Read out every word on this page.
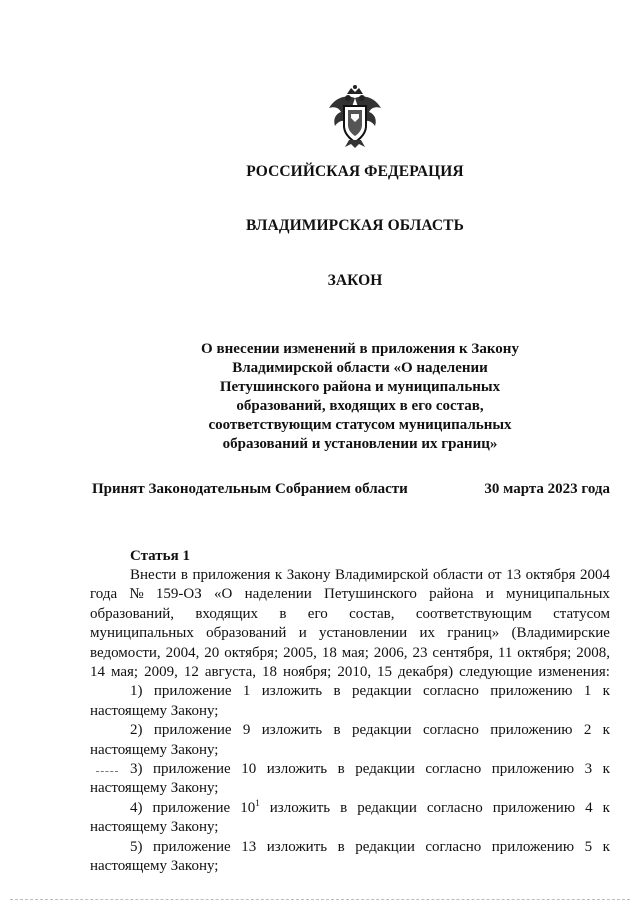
РОССИЙСКАЯ ФЕДЕРАЦИЯ
ВЛАДИМИРСКАЯ ОБЛАСТЬ
ЗАКОН
О внесении изменений в приложения к Закону
Владимирской области «О наделении
Петушинского района и муниципальных
образований, входящих в его состав,
соответствующим статусом муниципальных
образований и установлении их границ»
Принят Законодательным Собранием области	30 марта 2023 года
Статья 1
Внести в приложения к Закону Владимирской области от 13 октября 2004
года № 159-ОЗ «О наделении Петушинского района и муниципальных
образований, входящих в его состав, соответствующим статусом
муниципальных образований и установлении их границ» (Владимирские
ведомости, 2004, 20 октября; 2005, 18 мая; 2006, 23 сентября, 11 октября; 2008,
14 мая; 2009, 12 августа, 18 ноября; 2010, 15 декабря) следующие изменения:
1) приложение 1 изложить в редакции согласно приложению 1 к
настоящему Закону;
2) приложение 9 изложить в редакции согласно приложению 2 к
настоящему Закону;
3) приложение 10 изложить в редакции согласно приложению 3 к
настоящему Закону;
4) приложение $10^1$ изложить в редакции согласно приложению 4 к
настоящему Закону;
5) приложение 13 изложить в редакции согласно приложению 5 к
настоящему Закону;
